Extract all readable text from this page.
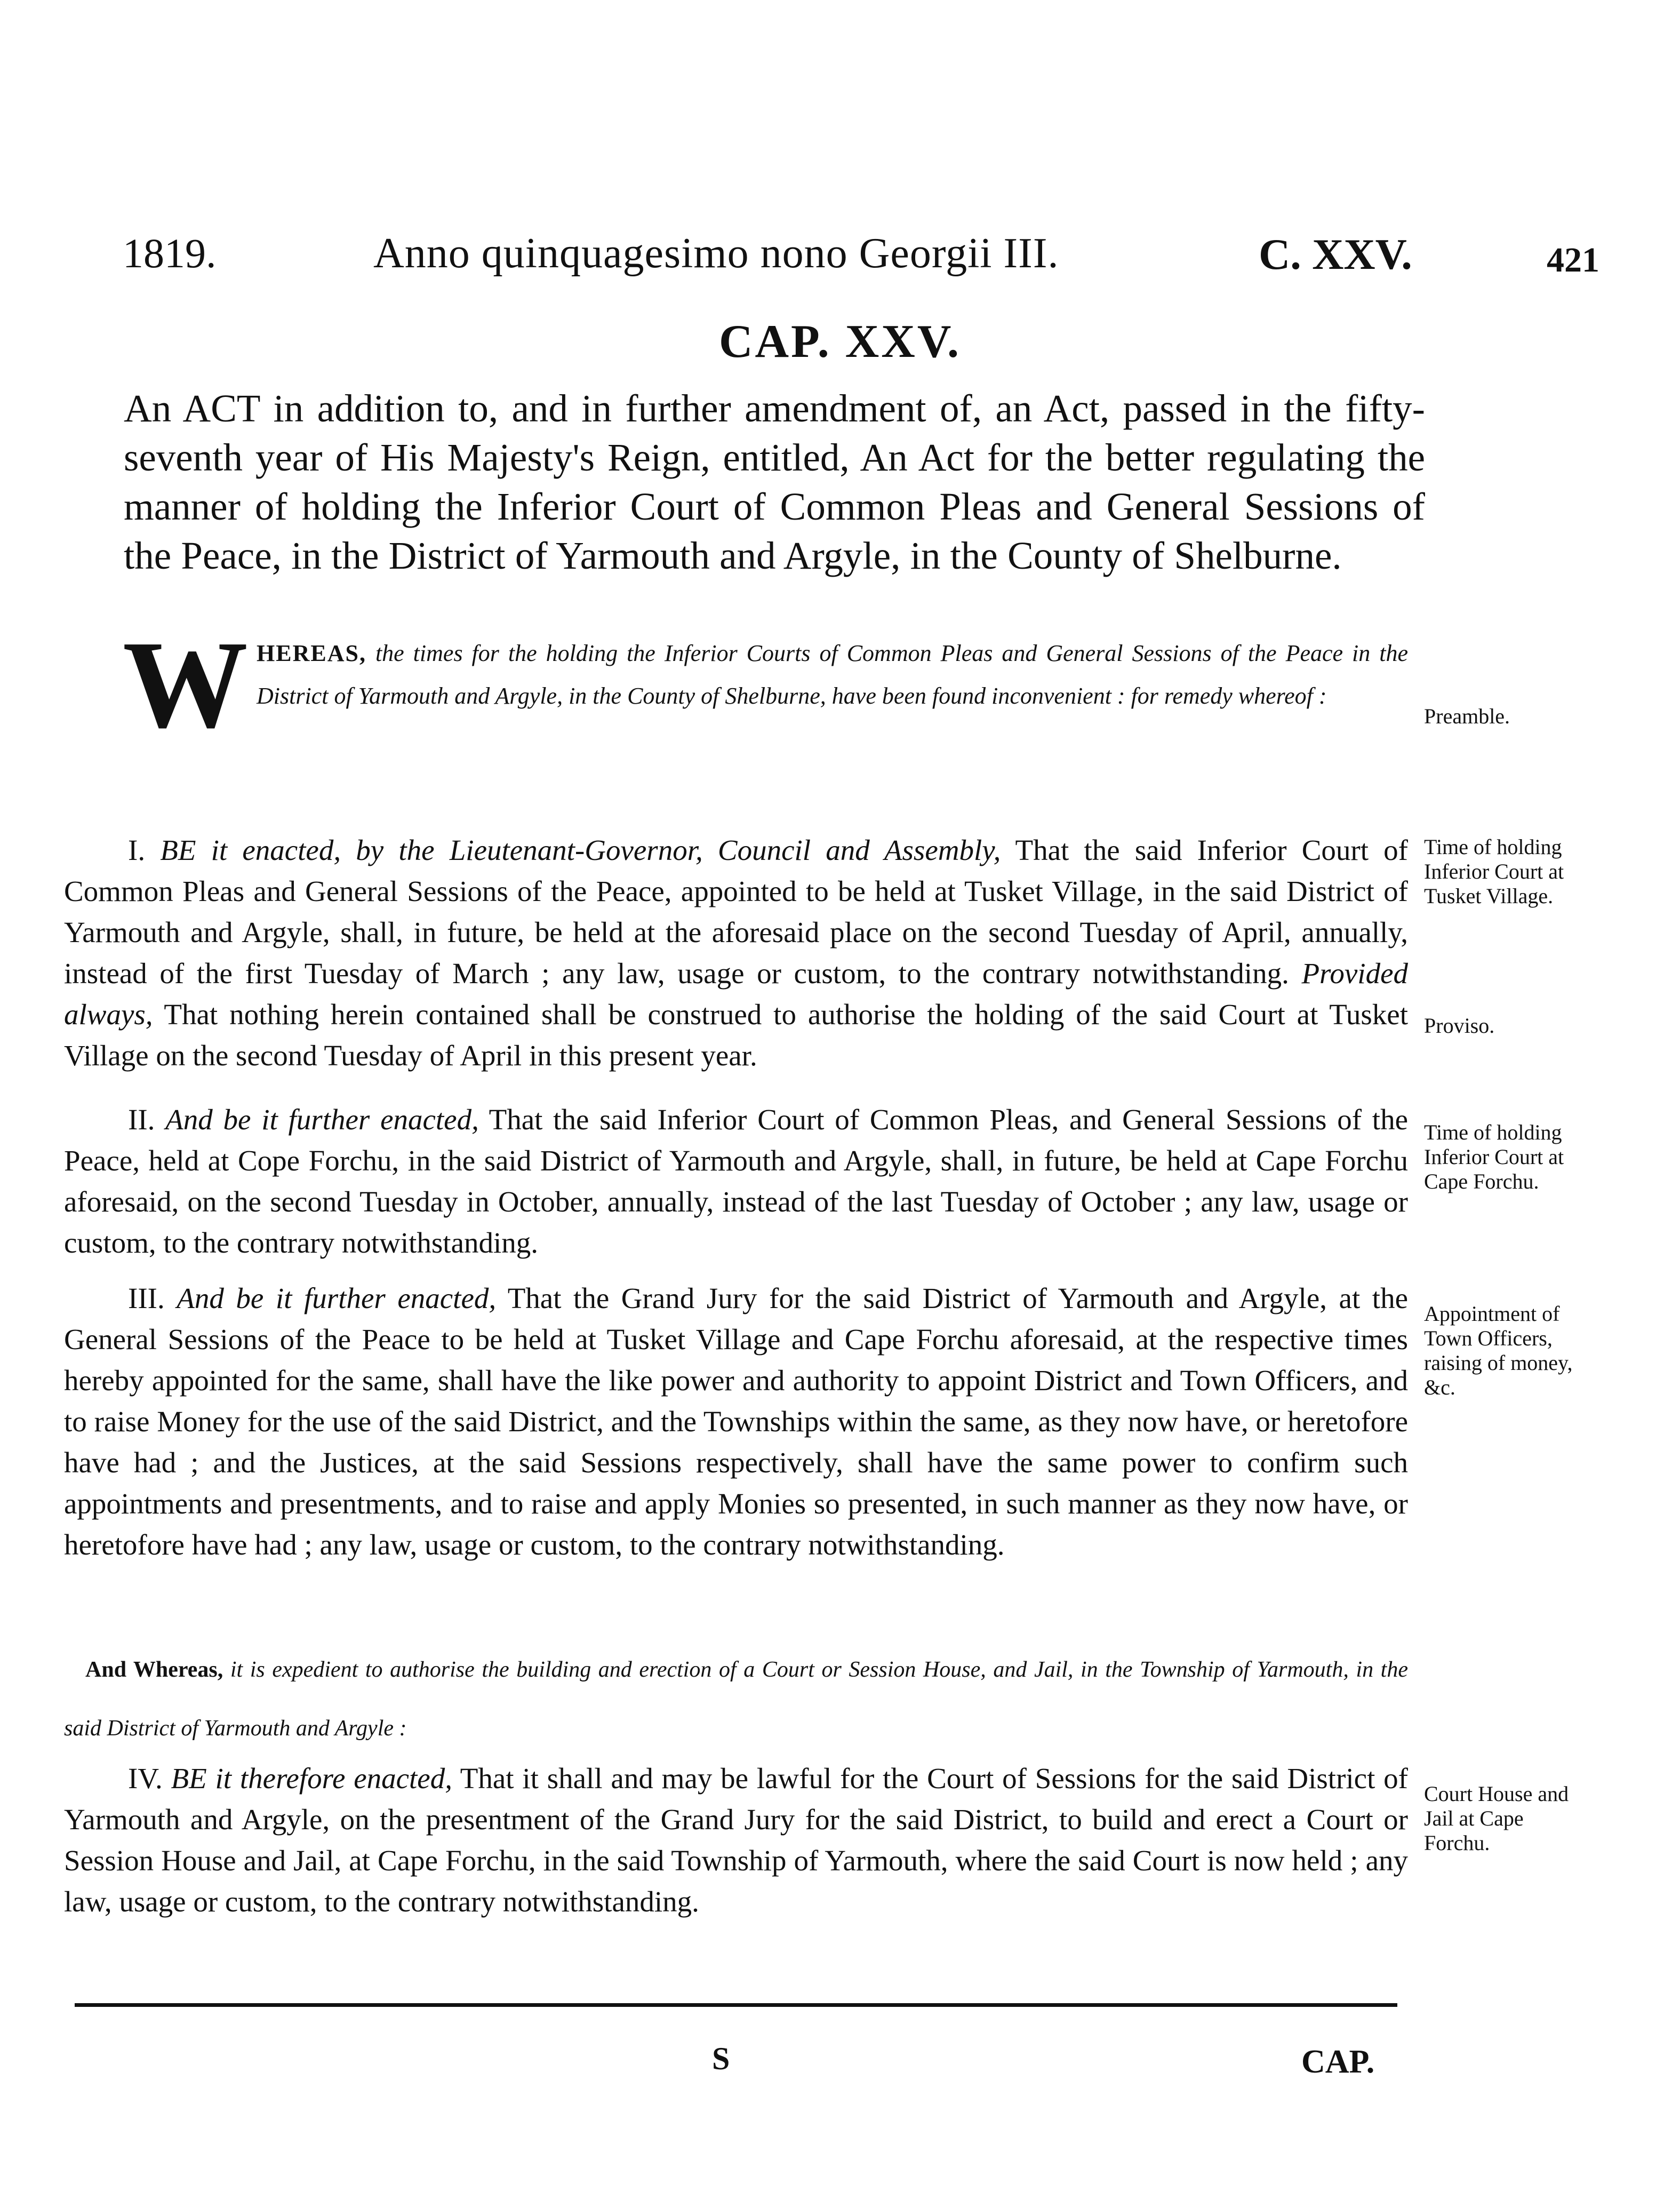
1819.	Anno quinquagesimo nono Georgii III.	C. XXV.	421
CAP. XXV.
An ACT in addition to, and in further amendment of, an Act, passed in the fifty-seventh year of His Majesty's Reign, entitled, An Act for the better regulating the manner of holding the Inferior Court of Common Pleas and General Sessions of the Peace, in the District of Yarmouth and Argyle, in the County of Shelburne.
WHEREAS, the times for the holding the Inferior Courts of Common Pleas and General Sessions of the Peace in the District of Yarmouth and Argyle, in the County of Shelburne, have been found inconvenient : for remedy whereof :

I. BE it enacted, by the Lieutenant-Governor, Council and Assembly, That the said Inferior Court of Common Pleas and General Sessions of the Peace, appointed to be held at Tusket Village, in the said District of Yarmouth and Argyle, shall, in future, be held at the aforesaid place on the second Tuesday of April, annually, instead of the first Tuesday of March ; any law, usage or custom, to the contrary notwithstanding. Provided always, That nothing herein contained shall be construed to authorise the holding of the said Court at Tusket Village on the second Tuesday of April in this present year.

II. And be it further enacted, That the said Inferior Court of Common Pleas, and General Sessions of the Peace, held at Cope Forchu, in the said District of Yarmouth and Argyle, shall, in future, be held at Cape Forchu aforesaid, on the second Tuesday in October, annually, instead of the last Tuesday of October ; any law, usage or custom, to the contrary notwithstanding.

III. And be it further enacted, That the Grand Jury for the said District of Yarmouth and Argyle, at the General Sessions of the Peace to be held at Tusket Village and Cape Forchu aforesaid, at the respective times hereby appointed for the same, shall have the like power and authority to appoint District and Town Officers, and to raise Money for the use of the said District, and the Townships within the same, as they now have, or heretofore have had ; and the Justices, at the said Sessions respectively, shall have the same power to confirm such appointments and presentments, and to raise and apply Monies so presented, in such manner as they now have, or heretofore have had ; any law, usage or custom, to the contrary notwithstanding.

And Whereas, it is expedient to authorise the building and erection of a Court or Session House, and Jail, in the Township of Yarmouth, in the said District of Yarmouth and Argyle :

IV. BE it therefore enacted, That it shall and may be lawful for the Court of Sessions for the said District of Yarmouth and Argyle, on the presentment of the Grand Jury for the said District, to build and erect a Court or Session House and Jail, at Cape Forchu, in the said Township of Yarmouth, where the said Court is now held ; any law, usage or custom, to the contrary notwithstanding.

Preamble.
Time of holding Inferior Court at Tusket Village.
Proviso.
Time of holding Inferior Court at Cape Forchu.
Appointment of Town Officers, raising of money, &c.
Court House and Jail at Cape Forchu.
S	CAP.
